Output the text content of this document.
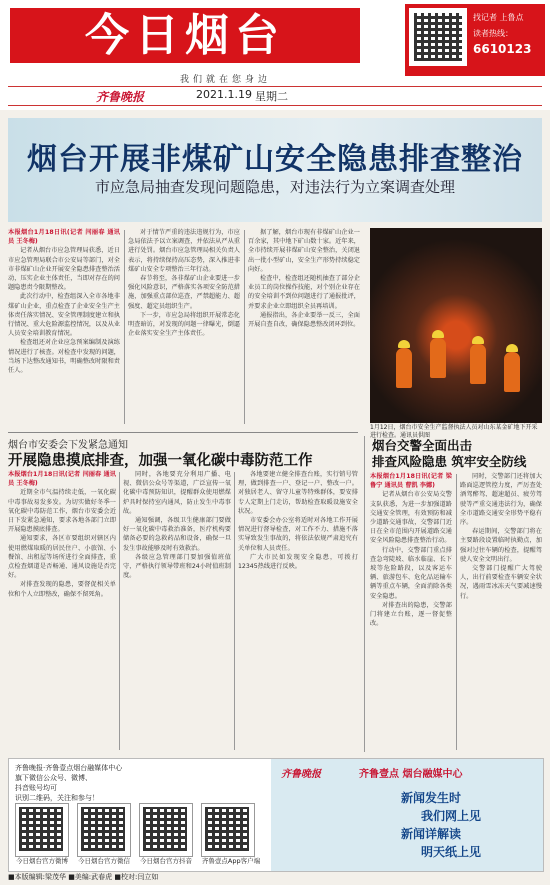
今日烟台	找记者 上鲁点
读者热线：
6610123
我们就在您身边
齐鲁晚报	2021.1.19 星期二
烟台开展非煤矿山安全隐患排查整治
市应急局抽查发现问题隐患，对违法行为立案调查处理

本报烟台1月18日讯(记者 闫丽春 通讯员 王冬梅)

记者从烟台市应急管理局获悉，近日市应急管理局联合市公安局等部门，对全市非煤矿山企业开展安全隐患排查整治活动，压实企业主体责任，当即对存在的问题隐患责令限期整改。

此次行动中，检查组深入全市各地非煤矿山企业，重点检查了企业安全生产主体责任落实情况、安全管理制度建立和执行情况、重大危险源监控情况，以及从业人员安全培训教育情况。

检查组还对企业应急预案编制及演练情况进行了核查。对检查中发现的问题，当场下达整改通知书，明确整改时限和责任人。

对于情节严重的违法违规行为，市应急局依法予以立案调查，并依法从严从重进行处罚。烟台市应急管理局相关负责人表示，将持续保持高压态势，深入推进非煤矿山安全专项整治三年行动。

春节将至，各非煤矿山企业要进一步强化风险意识，严格落实各项安全防范措施，加强重点部位巡查，严禁超能力、超强度、超定员组织生产。

下一步，市应急局将组织开展常态化明查暗访，对发现的问题一律曝光，倒逼企业落实安全生产主体责任。

据了解，烟台市现有非煤矿山企业一百余家，其中地下矿山数十家。近年来，全市持续开展非煤矿山安全整治，关闭退出一批小型矿山，安全生产形势持续稳定向好。

检查中，检查组还随机抽查了部分企业员工的岗位操作技能，对个别企业存在的安全培训不到位问题进行了通报批评，并要求企业立即组织全员再培训。

通报指出，各企业要举一反三，全面开展自查自改，确保隐患整改闭环到位。

1月12日，烟台市安全生产监督执法人员对山东某金矿地下开采进行检查。通讯员供图
烟台市安委会下发紧急通知
开展隐患摸底排查，加强一氧化碳中毒防范工作

本报烟台1月18日讯(记者 闫丽春 通讯员 王冬梅)

近期全市气温持续走低，一氧化碳中毒事故易发多发。为切实做好冬季一氧化碳中毒防范工作，烟台市安委会近日下发紧急通知，要求各地各部门立即开展隐患摸底排查。

通知要求，各区市要组织对辖区内使用燃煤取暖的居民住户、小旅馆、小餐馆、出租屋等场所进行全面排查，重点检查烟道是否畅通、通风设施是否完好。

对排查发现的隐患，要督促相关单位和个人立即整改，确保不留死角。

同时，各地要充分利用广播、电视、微信公众号等渠道，广泛宣传一氧化碳中毒预防知识，提醒群众使用燃煤炉具时保持室内通风，防止发生中毒事故。

通知强调，各级卫生健康部门要做好一氧化碳中毒救治准备，医疗机构要储备必要的急救药品和设备，确保一旦发生事故能够及时有效救治。

各级应急管理部门要加强值班值守，严格执行领导带班和24小时值班制度。

各地要建立健全排查台账，实行销号管理，做到排查一户、登记一户、整改一户。对独居老人、留守儿童等特殊群体，要安排专人定期上门走访，帮助检查取暖设施安全状况。

市安委会办公室将适时对各地工作开展情况进行督导检查，对工作不力、措施不落实导致发生事故的，将依法依规严肃追究有关单位和人员责任。

广大市民如发现安全隐患，可拨打12345热线进行反映。

烟台交警全面出击
排查风险隐患 筑牢安全防线

本报烟台1月18日讯(记者 梁鲁宁 通讯员 曹凯 李娜)

记者从烟台市公安局交警支队获悉，为进一步加强道路交通安全管理，有效预防和减少道路交通事故，交警部门近日在全市范围内开展道路交通安全风险隐患排查整治行动。

行动中，交警部门重点排查急弯陡坡、临水临崖、长下坡等危险路段，以及客运车辆、旅游包车、危化品运输车辆等重点车辆，全面消除各类安全隐患。

对排查出的隐患，交警部门将建立台账，逐一督促整改。

同时，交警部门还将加大路面巡逻管控力度，严厉查处酒驾醉驾、超速超员、疲劳驾驶等严重交通违法行为，确保全市道路交通安全形势平稳有序。

春运期间，交警部门将在主要路段设置临时执勤点，加强对过往车辆的检查，提醒驾驶人安全文明出行。

交警部门提醒广大驾驶人，出行前要检查车辆安全状况，遇雨雪冰冻天气要减速慢行。

齐鲁晚报·齐鲁壹点烟台融媒体中心
旗下微信公众号、微博、
抖音账号均可
识别二维码，关注和参与！
今日烟台官方微博 今日烟台官方微信 今日烟台官方抖音 齐鲁壹点App客户端
齐鲁晚报	齐鲁壹点 烟台融媒中心
新闻发生时
我们网上见
新闻详解读
明天纸上见
■本版编辑:梁茂华 ■美编:武春虎 ■校对:闫立如
